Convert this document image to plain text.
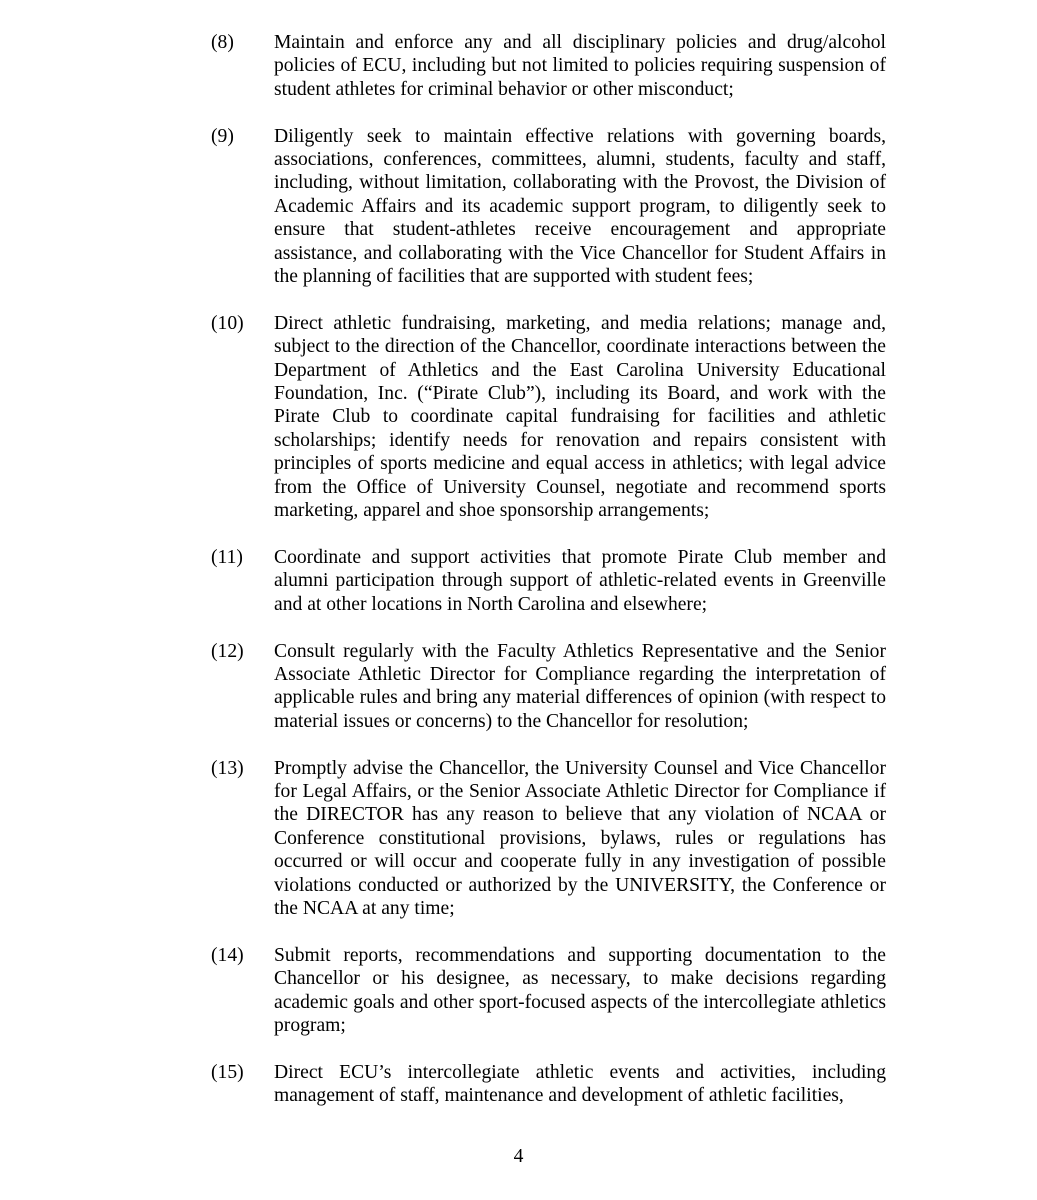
(8) Maintain and enforce any and all disciplinary policies and drug/alcohol policies of ECU, including but not limited to policies requiring suspension of student athletes for criminal behavior or other misconduct;
(9) Diligently seek to maintain effective relations with governing boards, associations, conferences, committees, alumni, students, faculty and staff, including, without limitation, collaborating with the Provost, the Division of Academic Affairs and its academic support program, to diligently seek to ensure that student-athletes receive encouragement and appropriate assistance, and collaborating with the Vice Chancellor for Student Affairs in the planning of facilities that are supported with student fees;
(10) Direct athletic fundraising, marketing, and media relations; manage and, subject to the direction of the Chancellor, coordinate interactions between the Department of Athletics and the East Carolina University Educational Foundation, Inc. (“Pirate Club”), including its Board, and work with the Pirate Club to coordinate capital fundraising for facilities and athletic scholarships; identify needs for renovation and repairs consistent with principles of sports medicine and equal access in athletics; with legal advice from the Office of University Counsel, negotiate and recommend sports marketing, apparel and shoe sponsorship arrangements;
(11) Coordinate and support activities that promote Pirate Club member and alumni participation through support of athletic-related events in Greenville and at other locations in North Carolina and elsewhere;
(12) Consult regularly with the Faculty Athletics Representative and the Senior Associate Athletic Director for Compliance regarding the interpretation of applicable rules and bring any material differences of opinion (with respect to material issues or concerns) to the Chancellor for resolution;
(13) Promptly advise the Chancellor, the University Counsel and Vice Chancellor for Legal Affairs, or the Senior Associate Athletic Director for Compliance if the DIRECTOR has any reason to believe that any violation of NCAA or Conference constitutional provisions, bylaws, rules or regulations has occurred or will occur and cooperate fully in any investigation of possible violations conducted or authorized by the UNIVERSITY, the Conference or the NCAA at any time;
(14) Submit reports, recommendations and supporting documentation to the Chancellor or his designee, as necessary, to make decisions regarding academic goals and other sport-focused aspects of the intercollegiate athletics program;
(15) Direct ECU’s intercollegiate athletic events and activities, including management of staff, maintenance and development of athletic facilities,
4
